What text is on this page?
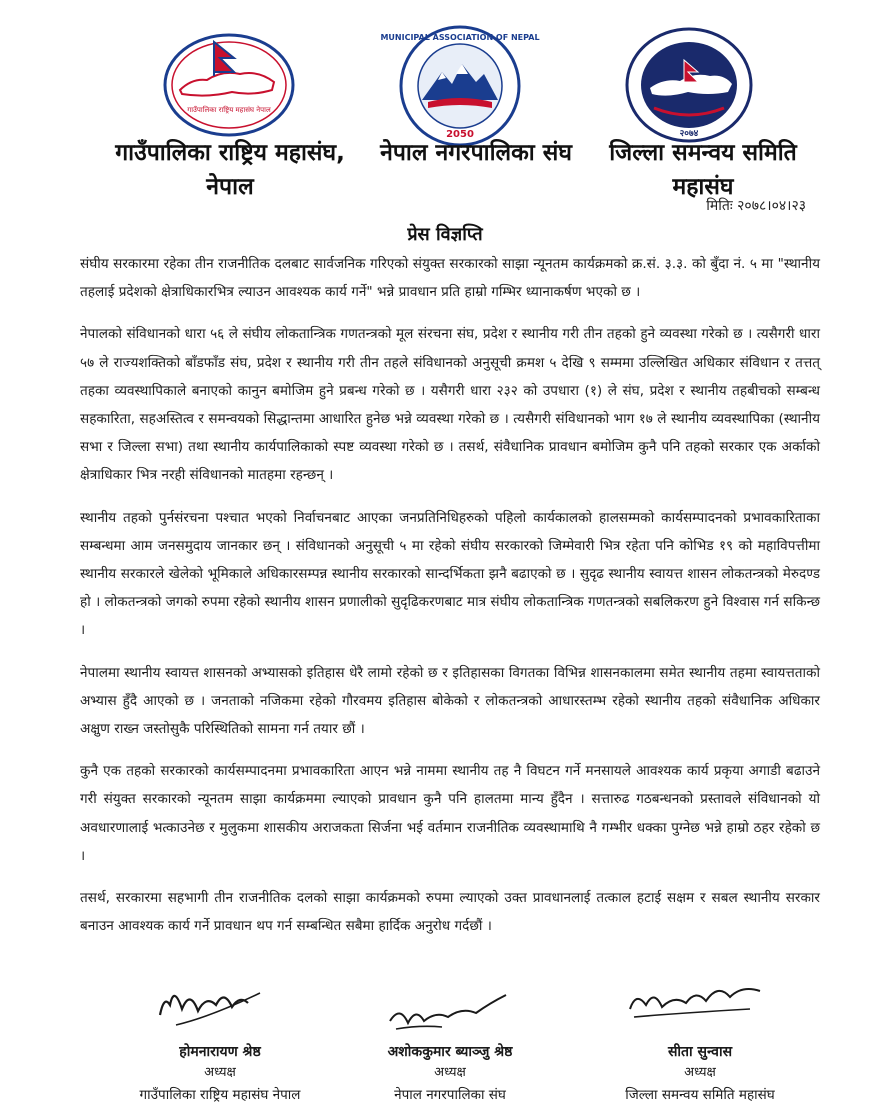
गाउँपालिका राष्ट्रिय महासंघ नेपाल
MUNICIPAL ASSOCIATION OF NEPAL
2050	२०७४
गाउँपालिका राष्ट्रिय महासंघ,
नेपाल
नेपाल नगरपालिका संघ	जिल्ला समन्वय समिति
महासंघ
मितिः २०७८।०४।२३
प्रेस विज्ञप्ति

संघीय सरकारमा रहेका तीन राजनीतिक दलबाट सार्वजनिक गरिएको संयुक्त सरकारको साझा न्यूनतम कार्यक्रमको क्र.सं. ३.३. को बुँदा नं. ५ मा "स्थानीय तहलाई प्रदेशको क्षेत्राधिकारभित्र ल्याउन आवश्यक कार्य गर्ने" भन्ने प्रावधान प्रति हाम्रो गम्भिर ध्यानाकर्षण भएको छ ।

नेपालको संविधानको धारा ५६ ले संघीय लोकतान्त्रिक गणतन्त्रको मूल संरचना संघ, प्रदेश र स्थानीय गरी तीन तहको हुने व्यवस्था गरेको छ । त्यसैगरी धारा ५७ ले राज्यशक्तिको बाँडफाँड संघ, प्रदेश र स्थानीय गरी तीन तहले संविधानको अनुसूची क्रमश ५ देखि ९ सम्ममा उल्लिखित अधिकार संविधान र तत्तत् तहका व्यवस्थापिकाले बनाएको कानुन बमोजिम हुने प्रबन्ध गरेको छ । यसैगरी धारा २३२ को उपधारा (१) ले संघ, प्रदेश र स्थानीय तहबीचको सम्बन्ध सहकारिता, सहअस्तित्व र समन्वयको सिद्धान्तमा आधारित हुनेछ भन्ने व्यवस्था गरेको छ । त्यसैगरी संविधानको भाग १७ ले स्थानीय व्यवस्थापिका (स्थानीय सभा र जिल्ला सभा) तथा स्थानीय कार्यपालिकाको स्पष्ट व्यवस्था गरेको छ । तसर्थ, संवैधानिक प्रावधान बमोजिम कुनै पनि तहको सरकार एक अर्काको क्षेत्राधिकार भित्र नरही संविधानको मातहमा रहन्छन् ।

स्थानीय तहको पुर्नसंरचना पश्चात भएको निर्वाचनबाट आएका जनप्रतिनिधिहरुको पहिलो कार्यकालको हालसम्मको कार्यसम्पादनको प्रभावकारिताका सम्बन्धमा आम जनसमुदाय जानकार छन् । संविधानको अनुसूची ५ मा रहेको संघीय सरकारको जिम्मेवारी भित्र रहेता पनि कोभिड १९ को महाविपत्तीमा स्थानीय सरकारले खेलेको भूमिकाले अधिकारसम्पन्न स्थानीय सरकारको सान्दर्भिकता झनै बढाएको छ । सुदृढ स्थानीय स्वायत्त शासन लोकतन्त्रको मेरुदण्ड हो । लोकतन्त्रको जगको रुपमा रहेको स्थानीय शासन प्रणालीको सुदृढिकरणबाट मात्र संघीय लोकतान्त्रिक गणतन्त्रको सबलिकरण हुने विश्वास गर्न सकिन्छ ।

नेपालमा स्थानीय स्वायत्त शासनको अभ्यासको इतिहास धेरै लामो रहेको छ र इतिहासका विगतका विभिन्न शासनकालमा समेत स्थानीय तहमा स्वायत्तताको अभ्यास हुँदै आएको छ । जनताको नजिकमा रहेको गौरवमय इतिहास बोकेको र लोकतन्त्रको आधारस्तम्भ रहेको स्थानीय तहको संवैधानिक अधिकार अक्षुण राख्न जस्तोसुकै परिस्थितिको सामना गर्न तयार छौं ।

कुनै एक तहको सरकारको कार्यसम्पादनमा प्रभावकारिता आएन भन्ने नाममा स्थानीय तह नै विघटन गर्ने मनसायले आवश्यक कार्य प्रकृया अगाडी बढाउने गरी संयुक्त सरकारको न्यूनतम साझा कार्यक्रममा ल्याएको प्रावधान कुनै पनि हालतमा मान्य हुँदैन । सत्तारुढ गठबन्धनको प्रस्तावले संविधानको यो अवधारणालाई भत्काउनेछ र मुलुकमा शासकीय अराजकता सिर्जना भई वर्तमान राजनीतिक व्यवस्थामाथि नै गम्भीर धक्का पुग्नेछ भन्ने हाम्रो ठहर रहेको छ ।

तसर्थ, सरकारमा सहभागी तीन राजनीतिक दलको साझा कार्यक्रमको रुपमा ल्याएको उक्त प्रावधानलाई तत्काल हटाई सक्षम र सबल स्थानीय सरकार बनाउन आवश्यक कार्य गर्ने प्रावधान थप गर्न सम्बन्धित सबैमा हार्दिक अनुरोध गर्दछौं ।

होमनारायण श्रेष्ठ
अध्यक्ष
गाउँपालिका राष्ट्रिय महासंघ नेपाल
अशोककुमार ब्याञ्जु श्रेष्ठ
अध्यक्ष
नेपाल नगरपालिका संघ
सीता सुन्वास
अध्यक्ष
जिल्ला समन्वय समिति महासंघ
